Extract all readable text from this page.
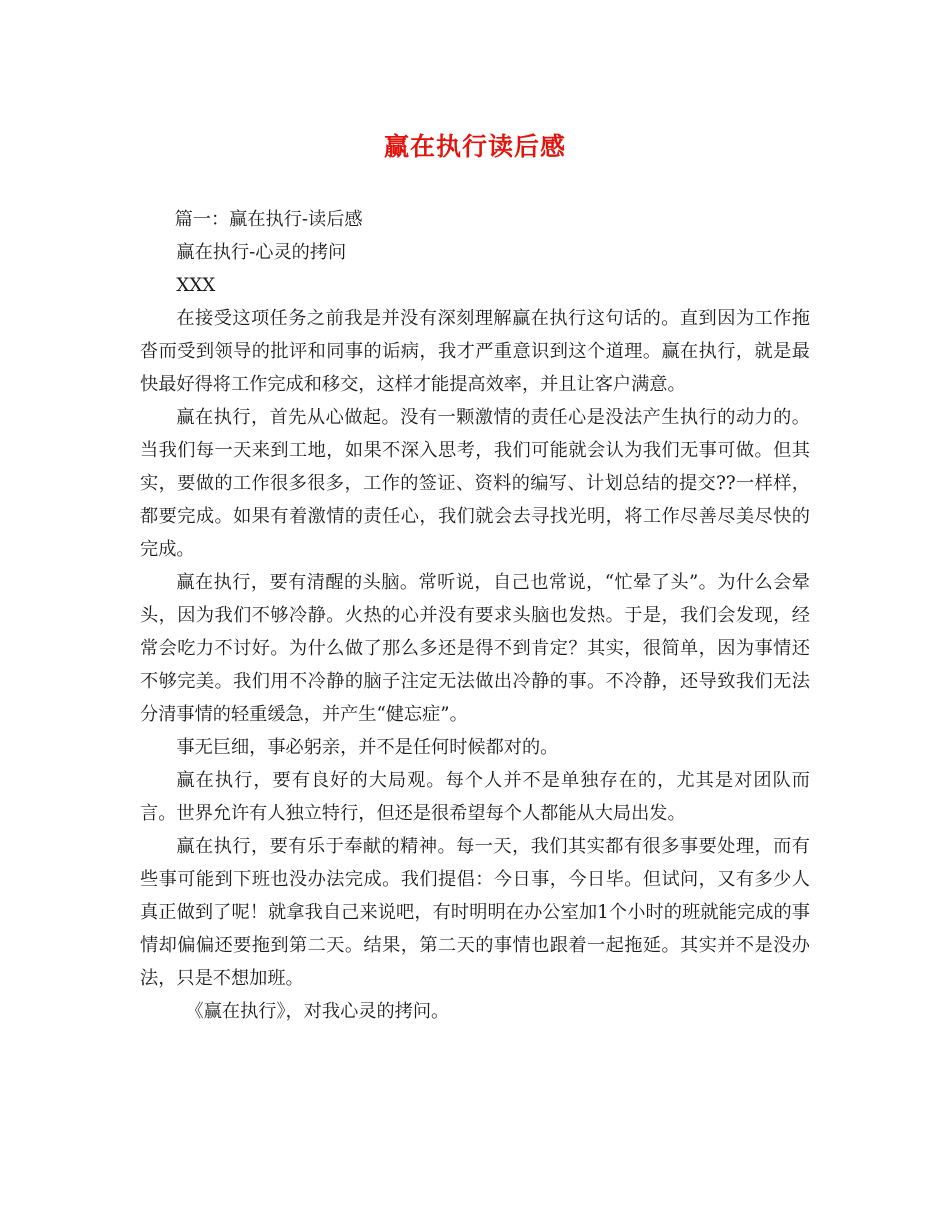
赢在执行读后感

篇一：赢在执行-读后感

赢在执行-心灵的拷问

XXX

在接受这项任务之前我是并没有深刻理解赢在执行这句话的。直到因为工作拖沓而受到领导的批评和同事的诟病，我才严重意识到这个道理。赢在执行，就是最快最好得将工作完成和移交，这样才能提高效率，并且让客户满意。

赢在执行，首先从心做起。没有一颗激情的责任心是没法产生执行的动力的。当我们每一天来到工地，如果不深入思考，我们可能就会认为我们无事可做。但其实，要做的工作很多很多，工作的签证、资料的编写、计划总结的提交??一样样，都要完成。如果有着激情的责任心，我们就会去寻找光明，将工作尽善尽美尽快的完成。

赢在执行，要有清醒的头脑。常听说，自己也常说，“忙晕了头”。为什么会晕头，因为我们不够冷静。火热的心并没有要求头脑也发热。于是，我们会发现，经常会吃力不讨好。为什么做了那么多还是得不到肯定？其实，很简单，因为事情还不够完美。我们用不冷静的脑子注定无法做出冷静的事。不冷静，还导致我们无法分清事情的轻重缓急，并产生“健忘症”。

事无巨细，事必躬亲，并不是任何时候都对的。

赢在执行，要有良好的大局观。每个人并不是单独存在的，尤其是对团队而言。世界允许有人独立特行，但还是很希望每个人都能从大局出发。

赢在执行，要有乐于奉献的精神。每一天，我们其实都有很多事要处理，而有些事可能到下班也没办法完成。我们提倡：今日事，今日毕。但试问，又有多少人真正做到了呢！就拿我自己来说吧，有时明明在办公室加1个小时的班就能完成的事情却偏偏还要拖到第二天。结果，第二天的事情也跟着一起拖延。其实并不是没办法，只是不想加班。

《赢在执行》，对我心灵的拷问。
